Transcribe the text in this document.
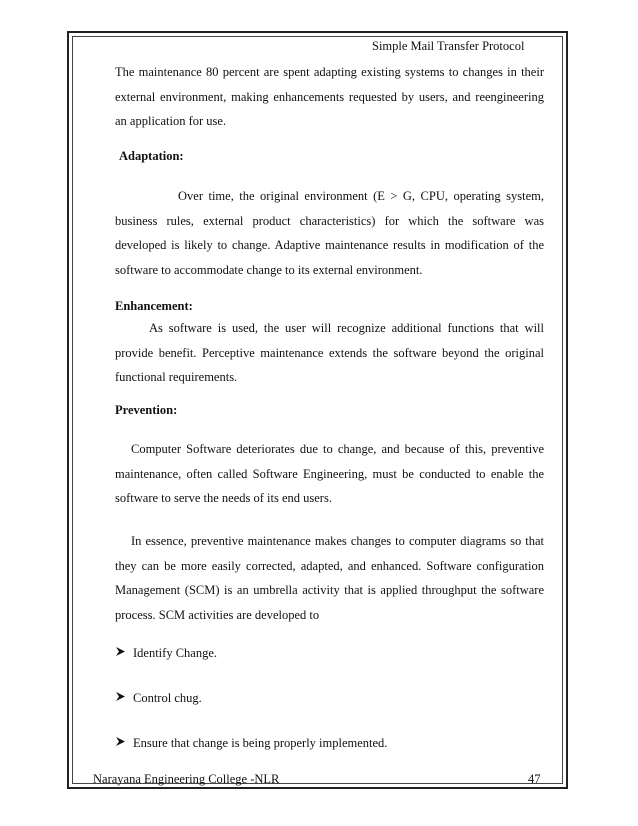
Simple Mail Transfer Protocol
The maintenance 80 percent are spent adapting existing systems to changes in their external environment, making enhancements requested by users, and reengineering an application for use.
Adaptation:
Over time, the original environment (E > G, CPU, operating system, business rules, external product characteristics) for which the software was developed is likely to change. Adaptive maintenance results in modification of the software to accommodate change to its external environment.
Enhancement:
As software is used, the user will recognize additional functions that will provide benefit. Perceptive maintenance extends the software beyond the original functional requirements.
Prevention:
Computer Software deteriorates due to change, and because of this, preventive maintenance, often called Software Engineering, must be conducted to enable the software to serve the needs of its end users.
In essence, preventive maintenance makes changes to computer diagrams so that they can be more easily corrected, adapted, and enhanced. Software configuration Management (SCM) is an umbrella activity that is applied throughput the software process. SCM activities are developed to
Identify Change.
Control chug.
Ensure that change is being properly implemented.
Narayana Engineering College -NLR	47
